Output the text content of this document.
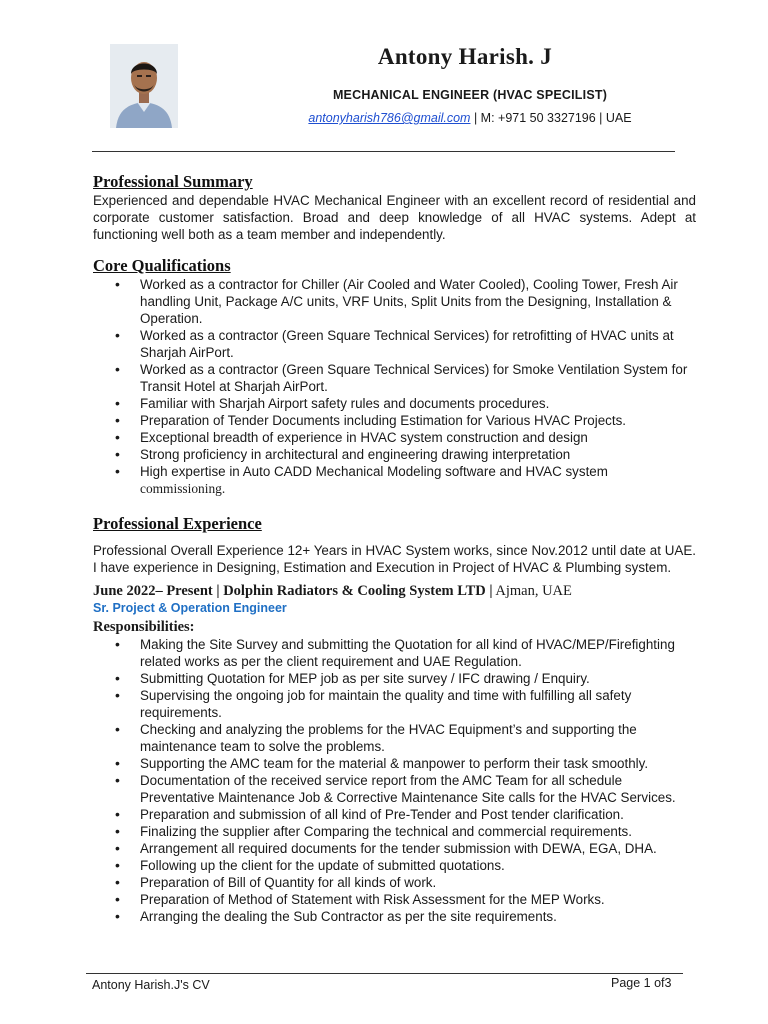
Antony Harish. J
MECHANICAL ENGINEER (HVAC SPECILIST)
antonyharish786@gmail.com | M: +971 50 3327196 | UAE
Professional Summary

Experienced and dependable HVAC Mechanical Engineer with an excellent record of residential and corporate customer satisfaction. Broad and deep knowledge of all HVAC systems. Adept at functioning well both as a team member and independently.

Core Qualifications
• Worked as a contractor for Chiller (Air Cooled and Water Cooled), Cooling Tower, Fresh Air handling Unit, Package A/C units, VRF Units, Split Units from the Designing, Installation & Operation.
• Worked as a contractor (Green Square Technical Services) for retrofitting of HVAC units at Sharjah AirPort.
• Worked as a contractor (Green Square Technical Services) for Smoke Ventilation System for Transit Hotel at Sharjah AirPort.
• Familiar with Sharjah Airport safety rules and documents procedures.
• Preparation of Tender Documents including Estimation for Various HVAC Projects.
• Exceptional breadth of experience in HVAC system construction and design
• Strong proficiency in architectural and engineering drawing interpretation
• High expertise in Auto CADD Mechanical Modeling software and HVAC system commissioning.
Professional Experience

Professional Overall Experience 12+ Years in HVAC System works, since Nov.2012 until date at UAE. I have experience in Designing, Estimation and Execution in Project of HVAC & Plumbing system.

June 2022– Present | Dolphin Radiators & Cooling System LTD | Ajman, UAE
Sr. Project & Operation Engineer
Responsibilities:
• Making the Site Survey and submitting the Quotation for all kind of HVAC/MEP/Firefighting related works as per the client requirement and UAE Regulation.
• Submitting Quotation for MEP job as per site survey / IFC drawing / Enquiry.
• Supervising the ongoing job for maintain the quality and time with fulfilling all safety requirements.
• Checking and analyzing the problems for the HVAC Equipment’s and supporting the maintenance team to solve the problems.
• Supporting the AMC team for the material & manpower to perform their task smoothly.
• Documentation of the received service report from the AMC Team for all schedule Preventative Maintenance Job & Corrective Maintenance Site calls for the HVAC Services.
• Preparation and submission of all kind of Pre-Tender and Post tender clarification.
• Finalizing the supplier after Comparing the technical and commercial requirements.
• Arrangement all required documents for the tender submission with DEWA, EGA, DHA.
• Following up the client for the update of submitted quotations.
• Preparation of Bill of Quantity for all kinds of work.
• Preparation of Method of Statement with Risk Assessment for the MEP Works.
• Arranging the dealing the Sub Contractor as per the site requirements.
Antony Harish.J's CV	Page 1 of3
